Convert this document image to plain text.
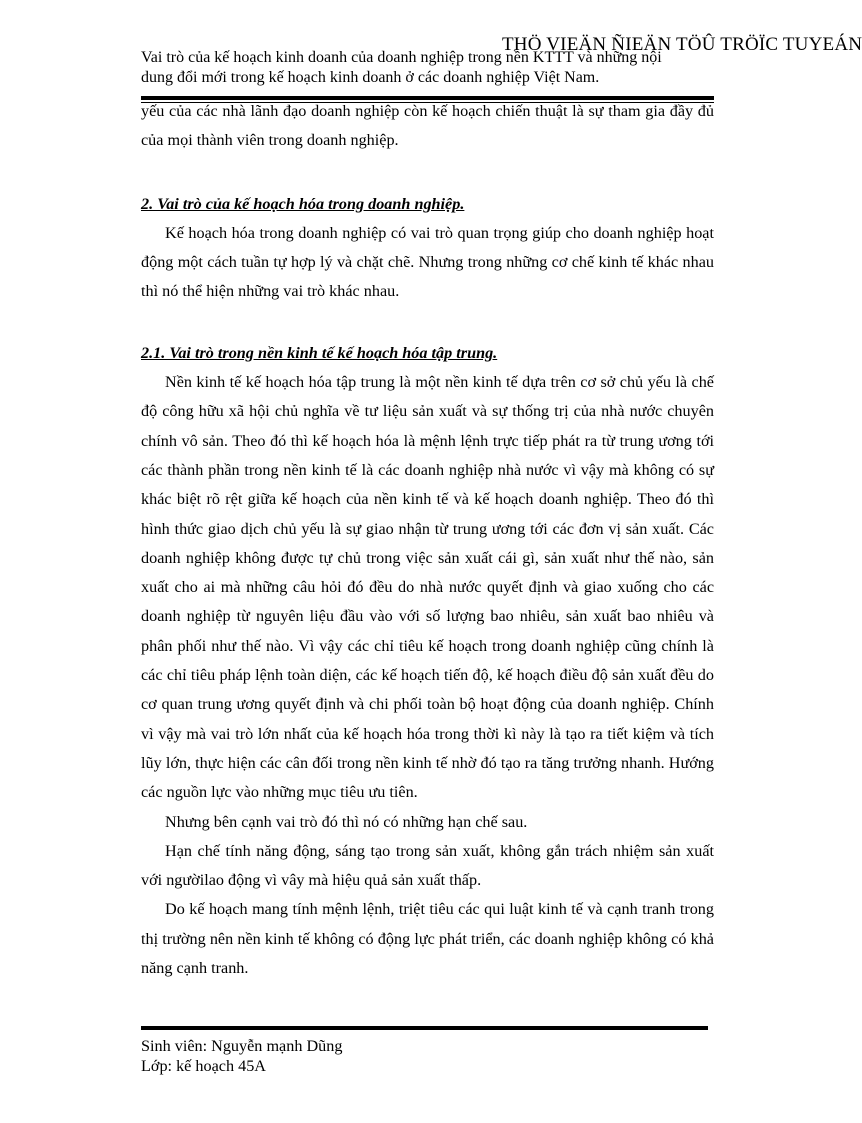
THÖ VIEÄN ÑIEÄN TÖÛ TRÖÏC TUYEÁN
Vai trò của kế hoạch kinh doanh của doanh nghiệp trong nền KTTT và những nội
dung đổi mới trong kế hoạch kinh doanh ở các doanh nghiệp Việt Nam.

yếu của các nhà lãnh đạo doanh nghiệp còn kế hoạch chiến thuật là sự tham gia đầy đủ của mọi thành viên trong doanh nghiệp.

2. Vai trò của kế hoạch hóa trong doanh nghiệp.

Kế hoạch hóa trong doanh nghiệp có vai trò quan trọng giúp cho doanh nghiệp hoạt động một cách tuần tự hợp lý và chặt chẽ. Nhưng trong những cơ chế kinh tế khác nhau thì nó thể hiện những vai trò khác nhau.

2.1. Vai trò trong nền kinh tế kế hoạch hóa tập trung.

Nền kinh tế kế hoạch hóa tập trung là một nền kinh tế dựa trên cơ sở chủ yếu là chế độ công hữu xã hội chủ nghĩa về tư liệu sản xuất và sự thống trị của nhà nước chuyên chính vô sản. Theo đó thì kế hoạch hóa là mệnh lệnh trực tiếp phát ra từ trung ương tới các thành phần trong nền kinh tế là các doanh nghiệp nhà nước vì vậy mà không có sự khác biệt rõ rệt giữa kế hoạch của nền kinh tế và kế hoạch doanh nghiệp. Theo đó thì hình thức giao dịch chủ yếu là sự giao nhận từ trung ương tới các đơn vị sản xuất. Các doanh nghiệp không được tự chủ trong việc sản xuất cái gì, sản xuất như thế nào, sản xuất cho ai mà những câu hỏi đó đều do nhà nước quyết định và giao xuống cho các doanh nghiệp từ nguyên liệu đầu vào với số lượng bao nhiêu, sản xuất bao nhiêu và phân phối như thế nào. Vì vậy các chỉ tiêu kế hoạch trong doanh nghiệp cũng chính là các chỉ tiêu pháp lệnh toàn diện, các kế hoạch tiến độ, kế hoạch điều độ sản xuất đều do cơ quan trung ương quyết định và chi phối toàn bộ hoạt động của doanh nghiệp. Chính vì vậy mà vai trò lớn nhất của kế hoạch hóa trong thời kì này là tạo ra tiết kiệm và tích lũy lớn, thực hiện các cân đối trong nền kinh tế nhờ đó tạo ra tăng trưởng nhanh. Hướng các nguồn lực vào những mục tiêu ưu tiên.

Nhưng bên cạnh vai trò đó thì nó có những hạn chế sau.

Hạn chế tính năng động, sáng tạo trong sản xuất, không gắn trách nhiệm sản xuất với ngườilao động vì vây mà hiệu quả sản xuất thấp.

Do kế hoạch mang tính mệnh lệnh, triệt tiêu các qui luật kinh tế và cạnh tranh trong thị trường nên nền kinh tế không có động lực phát triển, các doanh nghiệp không có khả năng cạnh tranh.

Sinh viên: Nguyễn mạnh Dũng
Lớp: kế hoạch 45A
